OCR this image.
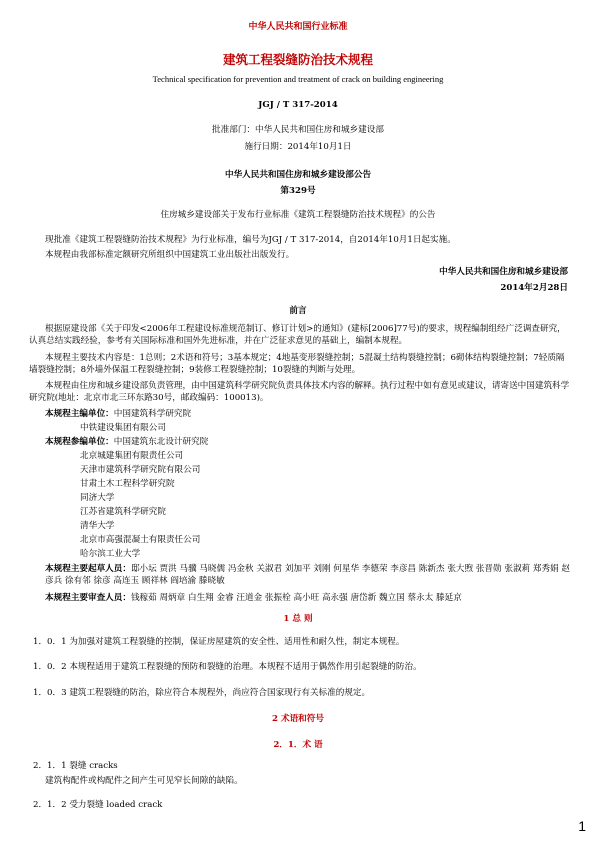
中华人民共和国行业标准

建筑工程裂缝防治技术规程

Technical specification for prevention and treatment of crack on building engineering

JGJ / T 317-2014

批准部门：中华人民共和国住房和城乡建设部

施行日期：2014年10月1日

中华人民共和国住房和城乡建设部公告

第329号

住房城乡建设部关于发布行业标准《建筑工程裂缝防治技术规程》的公告

现批准《建筑工程裂缝防治技术规程》为行业标准，编号为JGJ / T 317-2014，自2014年10月1日起实施。

本规程由我部标准定额研究所组织中国建筑工业出版社出版发行。

中华人民共和国住房和城乡建设部

2014年2月28日

前言

根据原建设部《关于印发<2006年工程建设标准规范制订、修订计划>的通知》(建标[2006]77号)的要求，规程编制组经广泛调查研究，认真总结实践经验，参考有关国际标准和国外先进标准，并在广泛征求意见的基础上，编制本规程。

本规程主要技术内容是：1总则；2术语和符号；3基本规定；4地基变形裂缝控制；5混凝土结构裂缝控制；6砌体结构裂缝控制；7轻质隔墙裂缝控制；8外墙外保温工程裂缝控制；9装修工程裂缝控制；10裂缝的判断与处理。

本规程由住房和城乡建设部负责管理，由中国建筑科学研究院负责具体技术内容的解释。执行过程中如有意见或建议，请寄送中国建筑科学研究院(地址：北京市北三环东路30号，邮政编码：100013)。

本规程主编单位：中国建筑科学研究院
中铁建设集团有限公司
本规程参编单位：中国建筑东北设计研究院
北京城建集团有限责任公司
天津市建筑科学研究院有限公司
甘肃土木工程科学研究院
同济大学
江苏省建筑科学研究院
清华大学
北京市高强混凝土有限责任公司
哈尔滨工业大学
本规程主要起草人员：邸小坛 贾洪 马骥 马晓儒 冯金秋 关淑君 刘加平 刘刚 何星华 李德荣 李彦昌 陈新杰 张大煦 张晋勋 张淑莉 郑秀娟 赵彦兵 徐有邻 徐彦 高连玉 顾祥林 阎培渝 滕晓敏
本规程主要审查人员：钱稼茹 周炳章 白生翔 金睿 汪道金 张振栓 高小旺 高永强 唐岱新 魏立国 蔡永太 滕延京

1 总 则

1．0．1 为加强对建筑工程裂缝的控制，保证房屋建筑的安全性、适用性和耐久性，制定本规程。

1．0．2 本规程适用于建筑工程裂缝的预防和裂缝的治理。本规程不适用于偶然作用引起裂缝的防治。

1．0．3 建筑工程裂缝的防治，除应符合本规程外，尚应符合国家现行有关标准的规定。

2 术语和符号

2．1．术 语

2．1．1 裂缝 cracks

建筑构配件或构配件之间产生可见窄长间隙的缺陷。

2．1．2 受力裂缝 loaded crack

1
